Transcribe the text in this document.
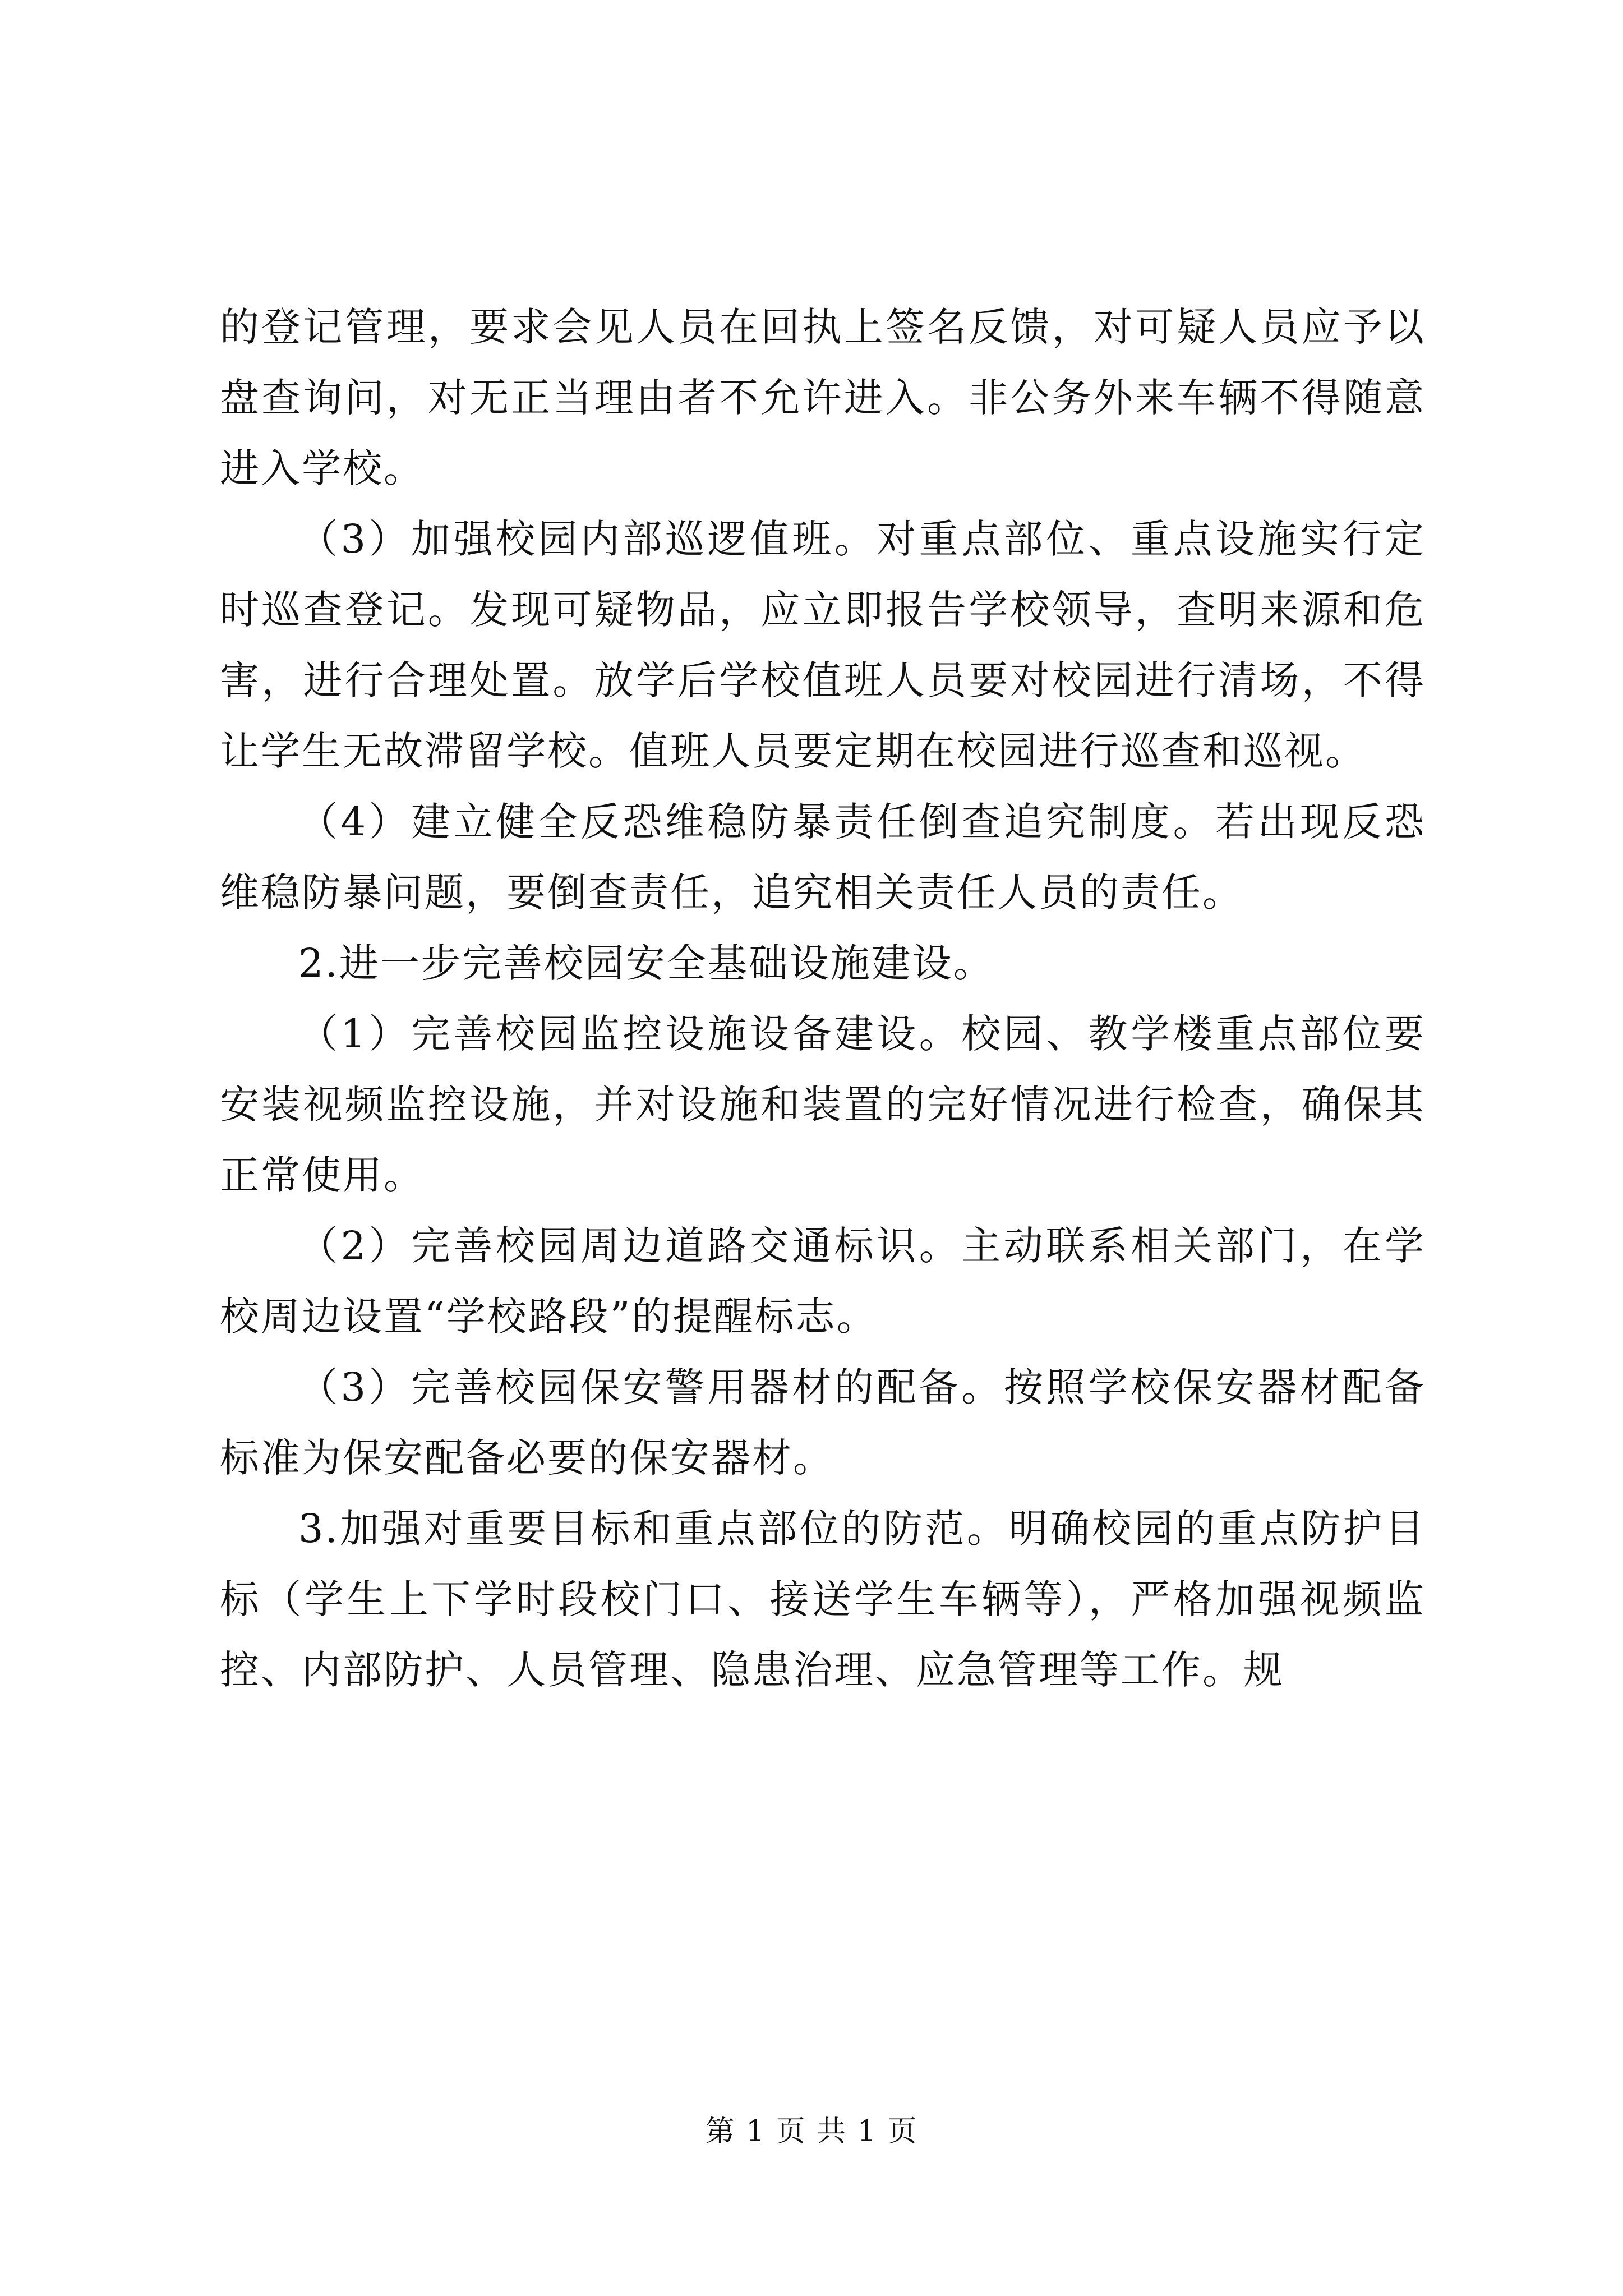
的登记管理，要求会见人员在回执上签名反馈，对可疑人员应予以盘查询问，对无正当理由者不允许进入。非公务外来车辆不得随意进入学校。

（3）加强校园内部巡逻值班。对重点部位、重点设施实行定时巡查登记。发现可疑物品，应立即报告学校领导，查明来源和危害，进行合理处置。放学后学校值班人员要对校园进行清场，不得让学生无故滞留学校。值班人员要定期在校园进行巡查和巡视。

（4）建立健全反恐维稳防暴责任倒查追究制度。若出现反恐维稳防暴问题，要倒查责任，追究相关责任人员的责任。

2.进一步完善校园安全基础设施建设。

（1）完善校园监控设施设备建设。校园、教学楼重点部位要安装视频监控设施，并对设施和装置的完好情况进行检查，确保其正常使用。

（2）完善校园周边道路交通标识。主动联系相关部门，在学校周边设置“学校路段”的提醒标志。

（3）完善校园保安警用器材的配备。按照学校保安器材配备标准为保安配备必要的保安器材。

3.加强对重要目标和重点部位的防范。明确校园的重点防护目标（学生上下学时段校门口、接送学生车辆等），严格加强视频监控、内部防护、人员管理、隐患治理、应急管理等工作。规

第 1 页 共 1 页
